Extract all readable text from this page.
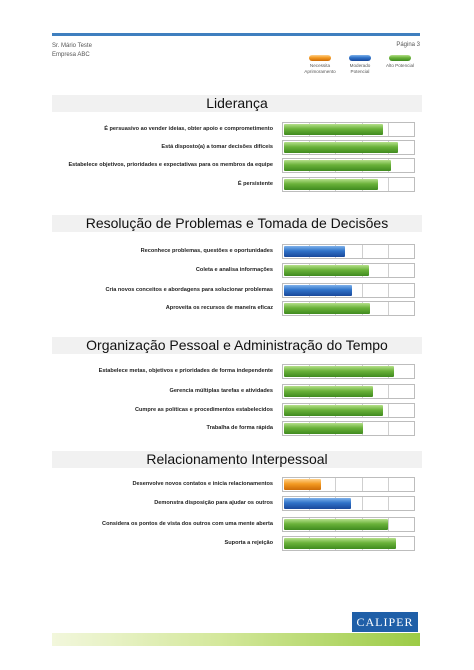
Sr. Mário Teste
Empresa ABC
Página 3
Necessita Aprimoramento
Moderado Potencial
Alto Potencial
Liderança
É persuasivo ao vender ideias, obter apoio e comprometimento
Está disposto(a) a tomar decisões difíceis
Estabelece objetivos, prioridades e expectativas para os membros da equipe
É persistente
Resolução de Problemas e Tomada de Decisões
Reconhece problemas, questões e oportunidades
Coleta e analisa informações
Cria novos conceitos e abordagens para solucionar problemas
Aproveita os recursos de maneira eficaz
Organização Pessoal e Administração do Tempo
Estabelece metas, objetivos e prioridades de forma independente
Gerencia múltiplas tarefas e atividades
Cumpre as políticas e procedimentos estabelecidos
Trabalha de forma rápida
Relacionamento Interpessoal
Desenvolve novos contatos e inicia relacionamentos
Demonstra disposição para ajudar os outros
Considera os pontos de vista dos outros com uma mente aberta
Suporta a rejeição
CALIPER
